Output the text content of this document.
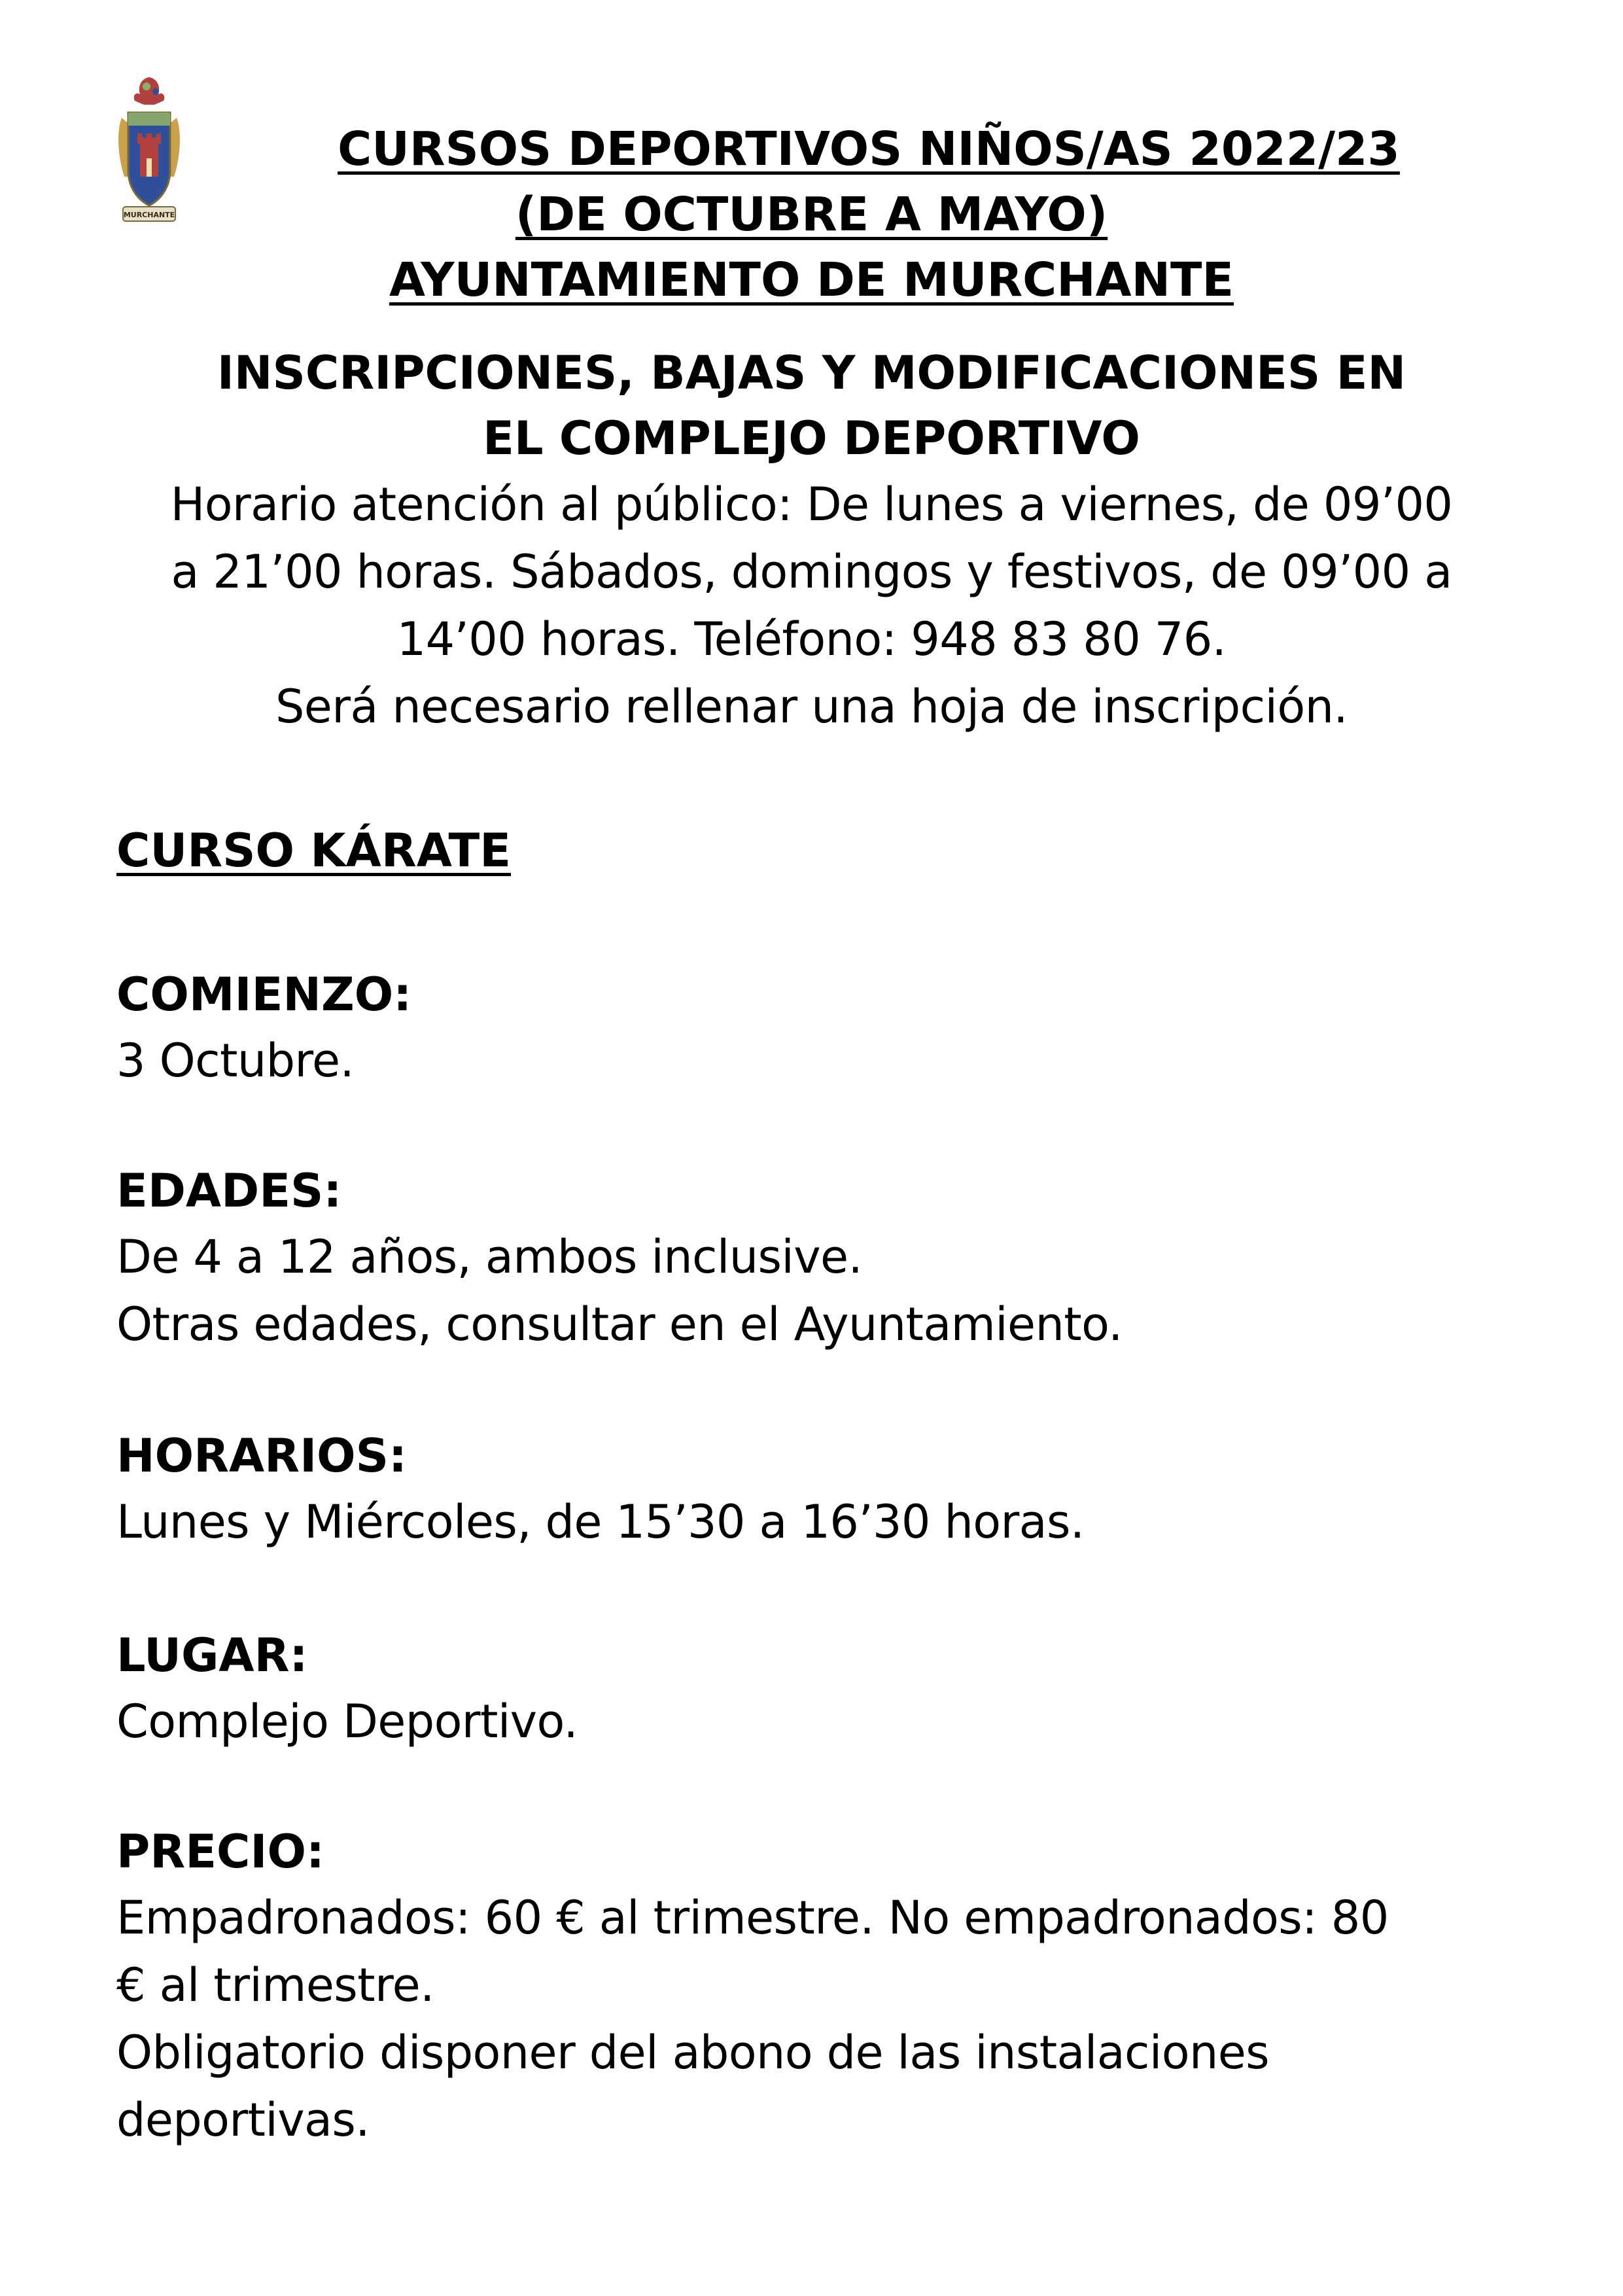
MURCHANTE

CURSOS DEPORTIVOS NIÑOS/AS 2022/23

(DE OCTUBRE A MAYO)

AYUNTAMIENTO DE MURCHANTE

INSCRIPCIONES, BAJAS Y MODIFICACIONES EN

EL COMPLEJO DEPORTIVO

Horario atención al público: De lunes a viernes, de 09’00

a 21’00 horas. Sábados, domingos y festivos, de 09’00 a

14’00 horas. Teléfono: 948 83 80 76.

Será necesario rellenar una hoja de inscripción.

CURSO KÁRATE

COMIENZO:

3 Octubre.

EDADES:

De 4 a 12 años, ambos inclusive.

Otras edades, consultar en el Ayuntamiento.

HORARIOS:

Lunes y Miércoles, de 15’30 a 16’30 horas.

LUGAR:

Complejo Deportivo.

PRECIO:

Empadronados: 60 € al trimestre. No empadronados: 80

€ al trimestre.

Obligatorio disponer del abono de las instalaciones

deportivas.
